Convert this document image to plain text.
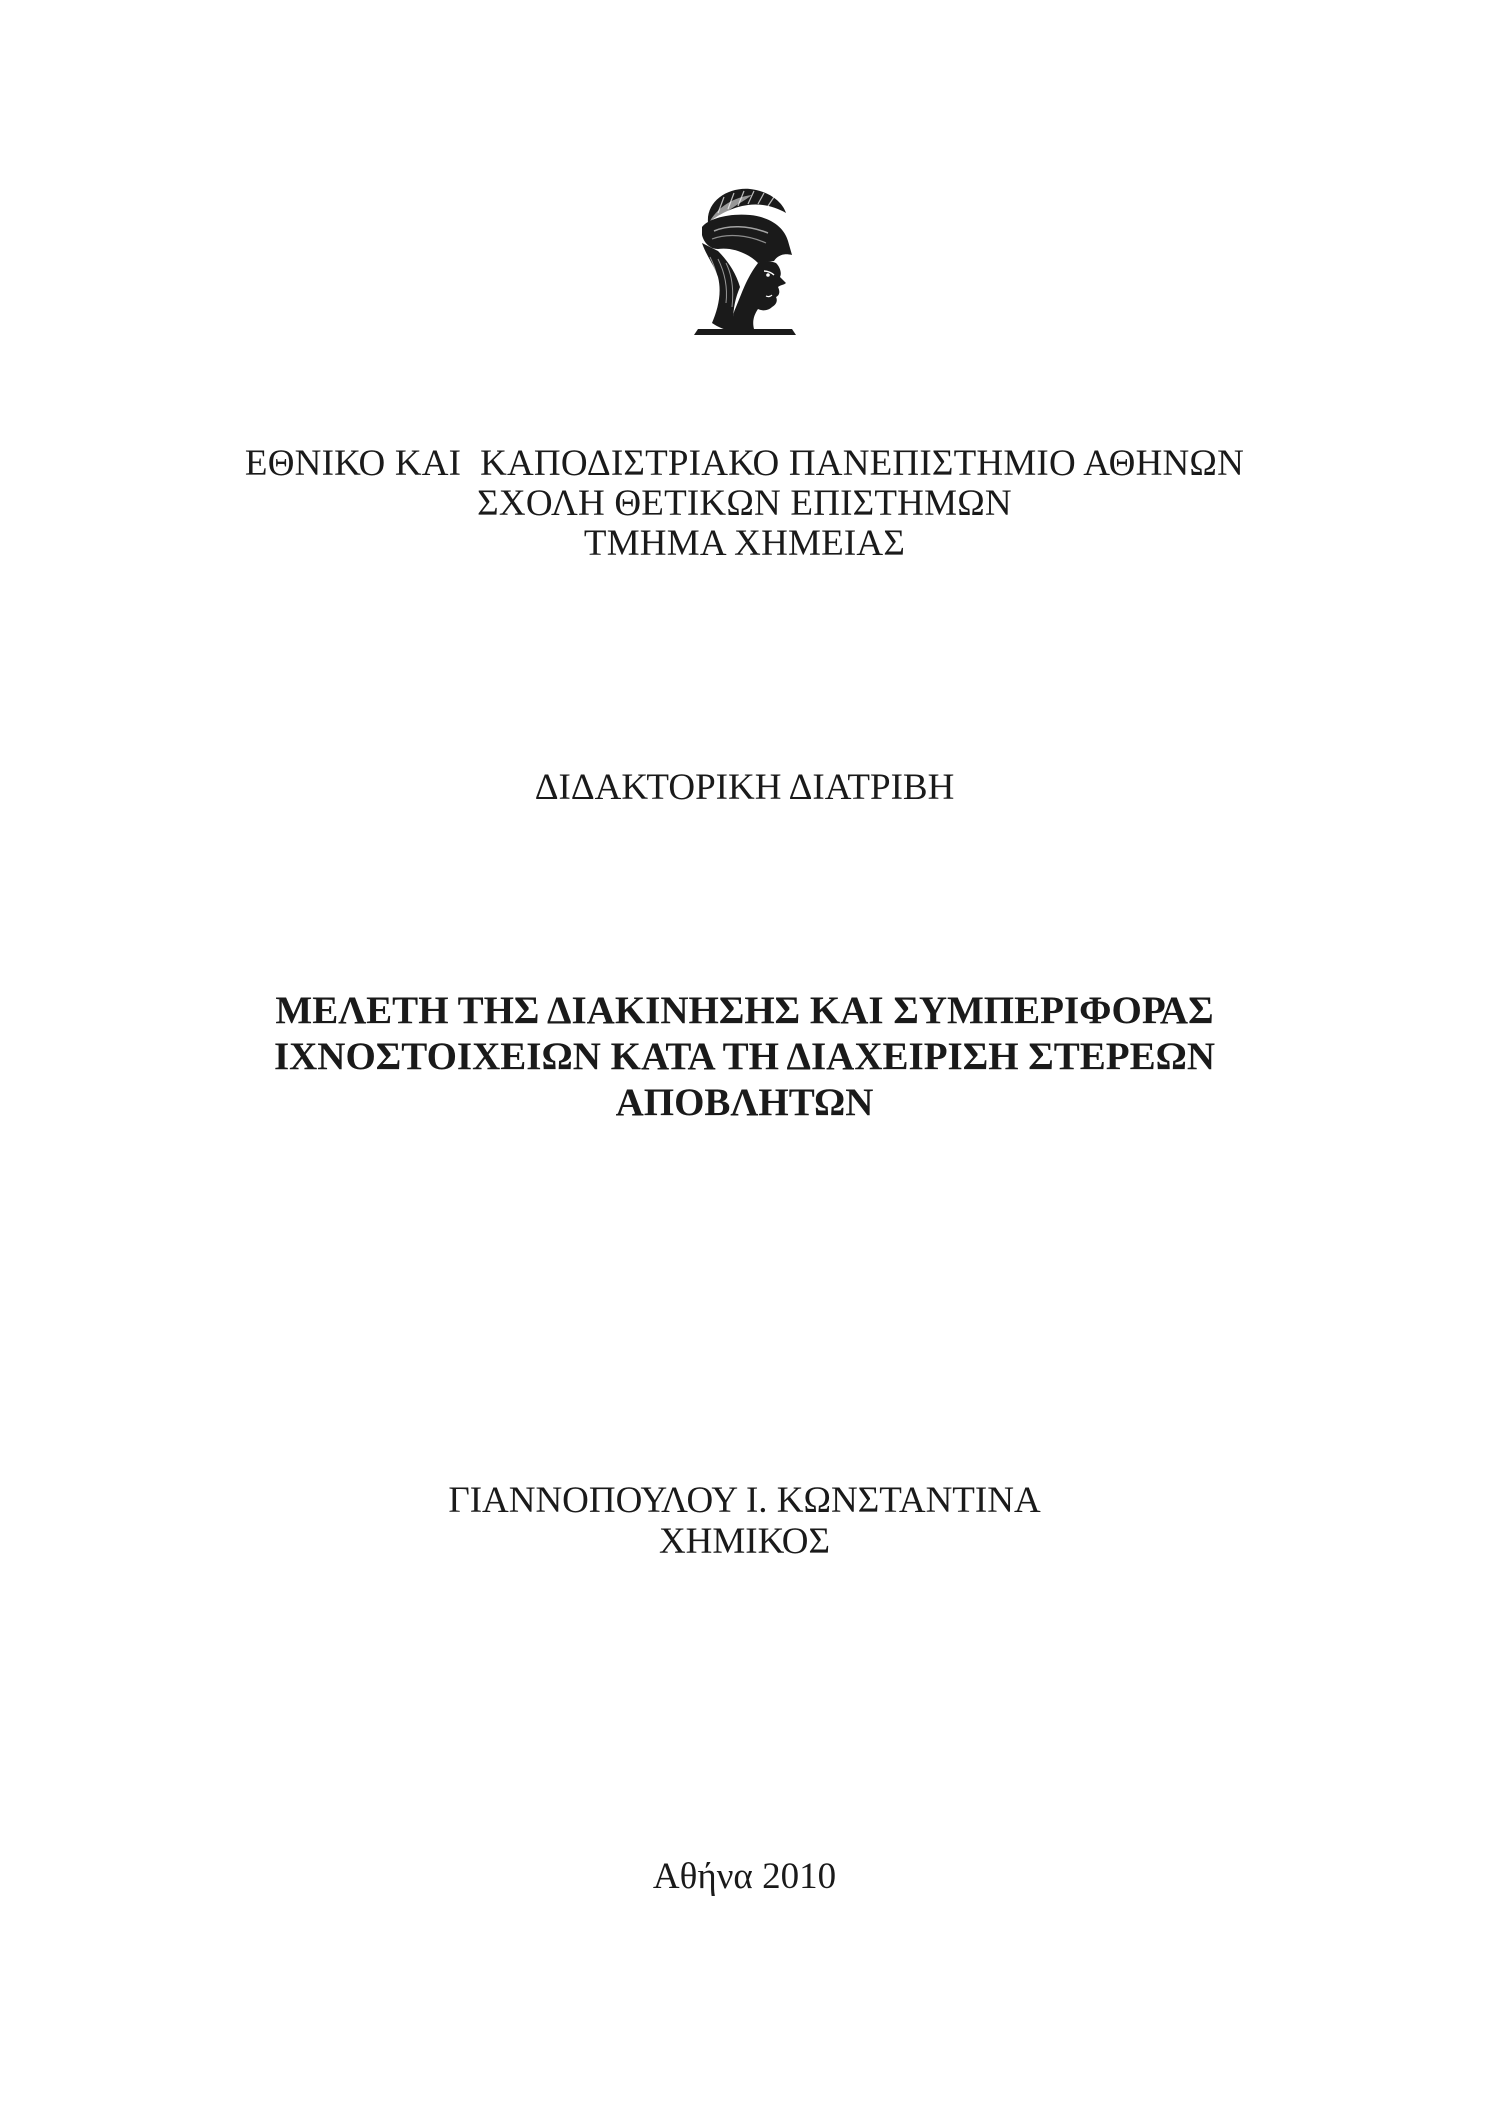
ΕΘΝΙΚΟ ΚΑΙ  ΚΑΠΟΔΙΣΤΡΙΑΚΟ ΠΑΝΕΠΙΣΤΗΜΙΟ ΑΘΗΝΩΝ
ΣΧΟΛΗ ΘΕΤΙΚΩΝ ΕΠΙΣΤΗΜΩΝ
ΤΜΗΜΑ ΧΗΜΕΙΑΣ
ΔΙΔΑΚΤΟΡΙΚΗ ΔΙΑΤΡΙΒΗ
ΜΕΛΕΤΗ ΤΗΣ ΔΙΑΚΙΝΗΣΗΣ ΚΑΙ ΣΥΜΠΕΡΙΦΟΡΑΣ
ΙΧΝΟΣΤΟΙΧΕΙΩΝ ΚΑΤΑ ΤΗ ΔΙΑΧΕΙΡΙΣΗ ΣΤΕΡΕΩΝ
ΑΠΟΒΛΗΤΩΝ
ΓΙΑΝΝΟΠΟΥΛΟΥ Ι. ΚΩΝΣΤΑΝΤΙΝΑ
ΧΗΜΙΚΟΣ
Αθήνα 2010
